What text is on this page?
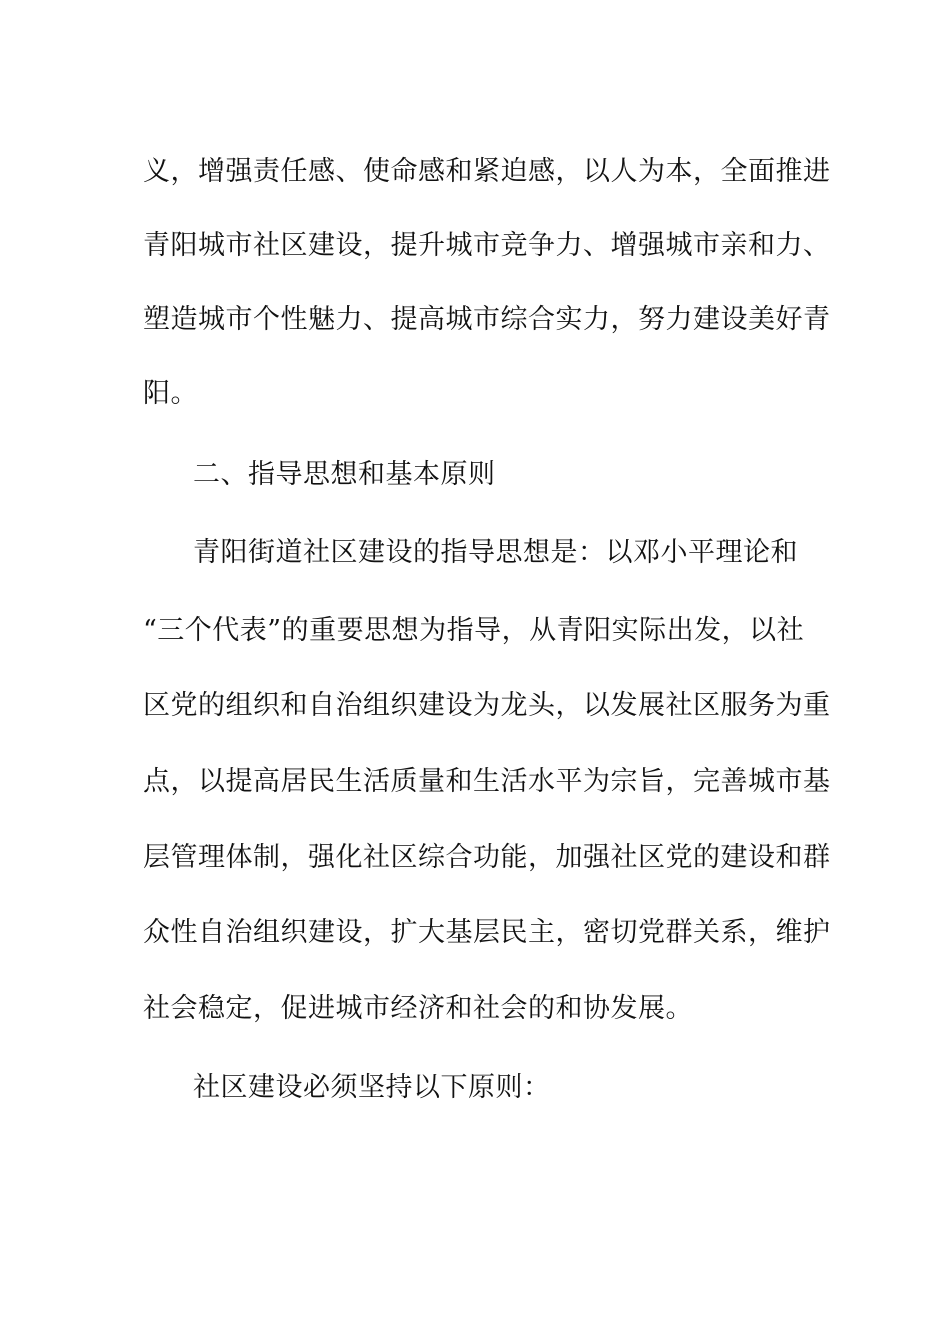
义，增强责任感、使命感和紧迫感，以人为本，全面推进
青阳城市社区建设，提升城市竞争力、增强城市亲和力、
塑造城市个性魅力、提高城市综合实力，努力建设美好青
阳。
二、指导思想和基本原则
青阳街道社区建设的指导思想是：以邓小平理论和
“三个代表”的重要思想为指导，从青阳实际出发，以社
区党的组织和自治组织建设为龙头，以发展社区服务为重
点，以提高居民生活质量和生活水平为宗旨，完善城市基
层管理体制，强化社区综合功能，加强社区党的建设和群
众性自治组织建设，扩大基层民主，密切党群关系，维护
社会稳定，促进城市经济和社会的和协发展。
社区建设必须坚持以下原则：
